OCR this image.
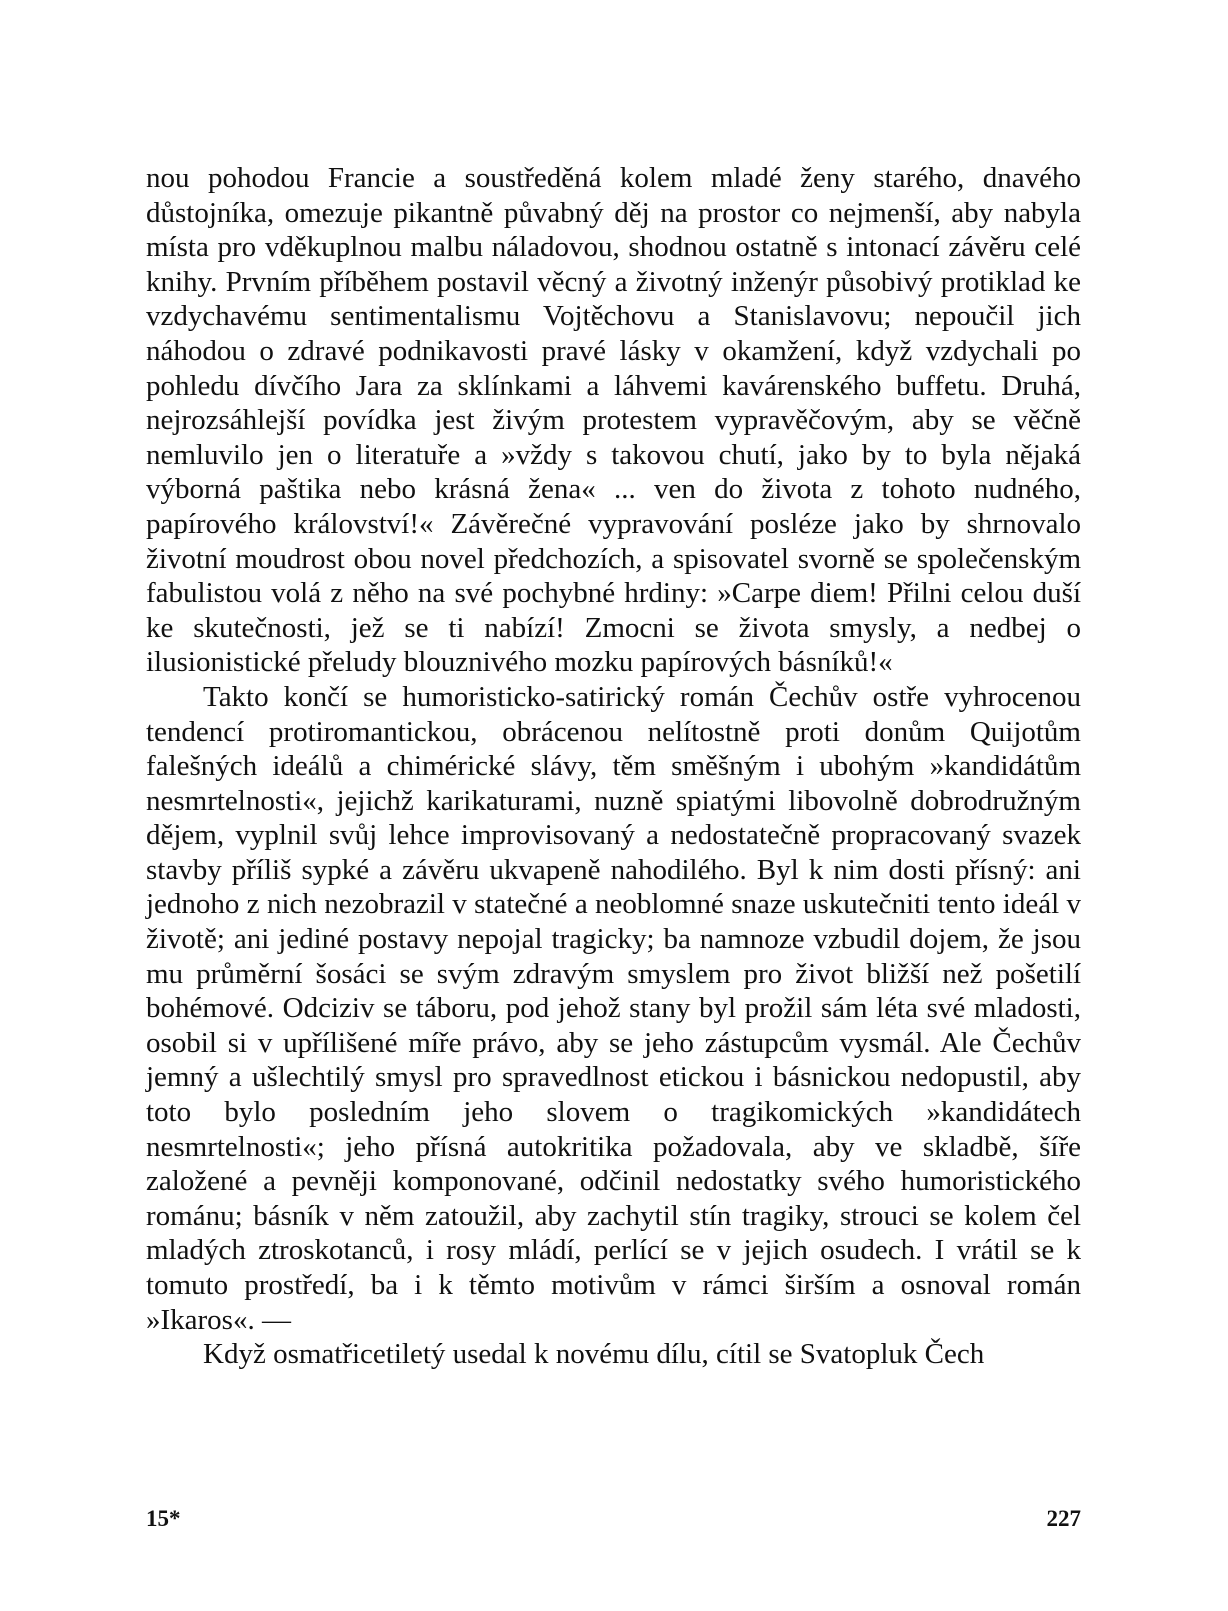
nou pohodou Francie a soustředěná kolem mladé ženy starého, dnavého důstojníka, omezuje pikantně půvabný děj na prostor co nejmenší, aby nabyla místa pro vděkuplnou malbu náladovou, shodnou ostatně s intonací závěru celé knihy. Prvním příběhem postavil věcný a životný inženýr působivý protiklad ke vzdychavému sentimentalismu Vojtěchovu a Stanislavovu; nepoučil jich náhodou o zdravé podnikavosti pravé lásky v okamžení, když vzdychali po pohledu dívčího Jara za sklínkami a láhvemi kavárenského buffetu. Druhá, nejrozsáhlejší povídka jest živým protestem vypravěčovým, aby se věčně nemluvilo jen o literatuře a »vždy s takovou chutí, jako by to byla nějaká výborná paštika nebo krásná žena« ... ven do života z tohoto nudného, papírového království!« Závěrečné vypravování posléze jako by shrnovalo životní moudrost obou novel předchozích, a spisovatel svorně se společenským fabulistou volá z něho na své pochybné hrdiny: »Carpe diem! Přilni celou duší ke skutečnosti, jež se ti nabízí! Zmocni se života smysly, a nedbej o ilusionistické přeludy blouznivého mozku papírových básníků!«

Takto končí se humoristicko-satirický román Čechův ostře vyhrocenou tendencí protiromantickou, obrácenou nelítostně proti donům Quijotům falešných ideálů a chimérické slávy, těm směšným i ubohým »kandidátům nesmrtelnosti«, jejichž karikaturami, nuzně spiatými libovolně dobrodružným dějem, vyplnil svůj lehce improvisovaný a nedostatečně propracovaný svazek stavby příliš sypké a závěru ukvapeně nahodilého. Byl k nim dosti přísný: ani jednoho z nich nezobrazil v statečné a neoblomné snaze uskutečniti tento ideál v životě; ani jediné postavy nepojal tragicky; ba namnoze vzbudil dojem, že jsou mu průměrní šosáci se svým zdravým smyslem pro život bližší než pošetilí bohémové. Odciziv se táboru, pod jehož stany byl prožil sám léta své mladosti, osobil si v upřílišené míře právo, aby se jeho zástupcům vysmál. Ale Čechův jemný a ušlechtilý smysl pro spravedlnost etickou i básnickou nedopustil, aby toto bylo posledním jeho slovem o tragikomických »kandidátech nesmrtelnosti«; jeho přísná autokritika požadovala, aby ve skladbě, šíře založené a pevněji komponované, odčinil nedostatky svého humoristického románu; básník v něm zatoužil, aby zachytil stín tragiky, strouci se kolem čel mladých ztroskotanců, i rosy mládí, perlící se v jejich osudech. I vrátil se k tomuto prostředí, ba i k těmto motivům v rámci širším a osnoval román »Ikaros«. —

Když osmatřicetiletý usedal k novému dílu, cítil se Svatopluk Čech

15*	227
